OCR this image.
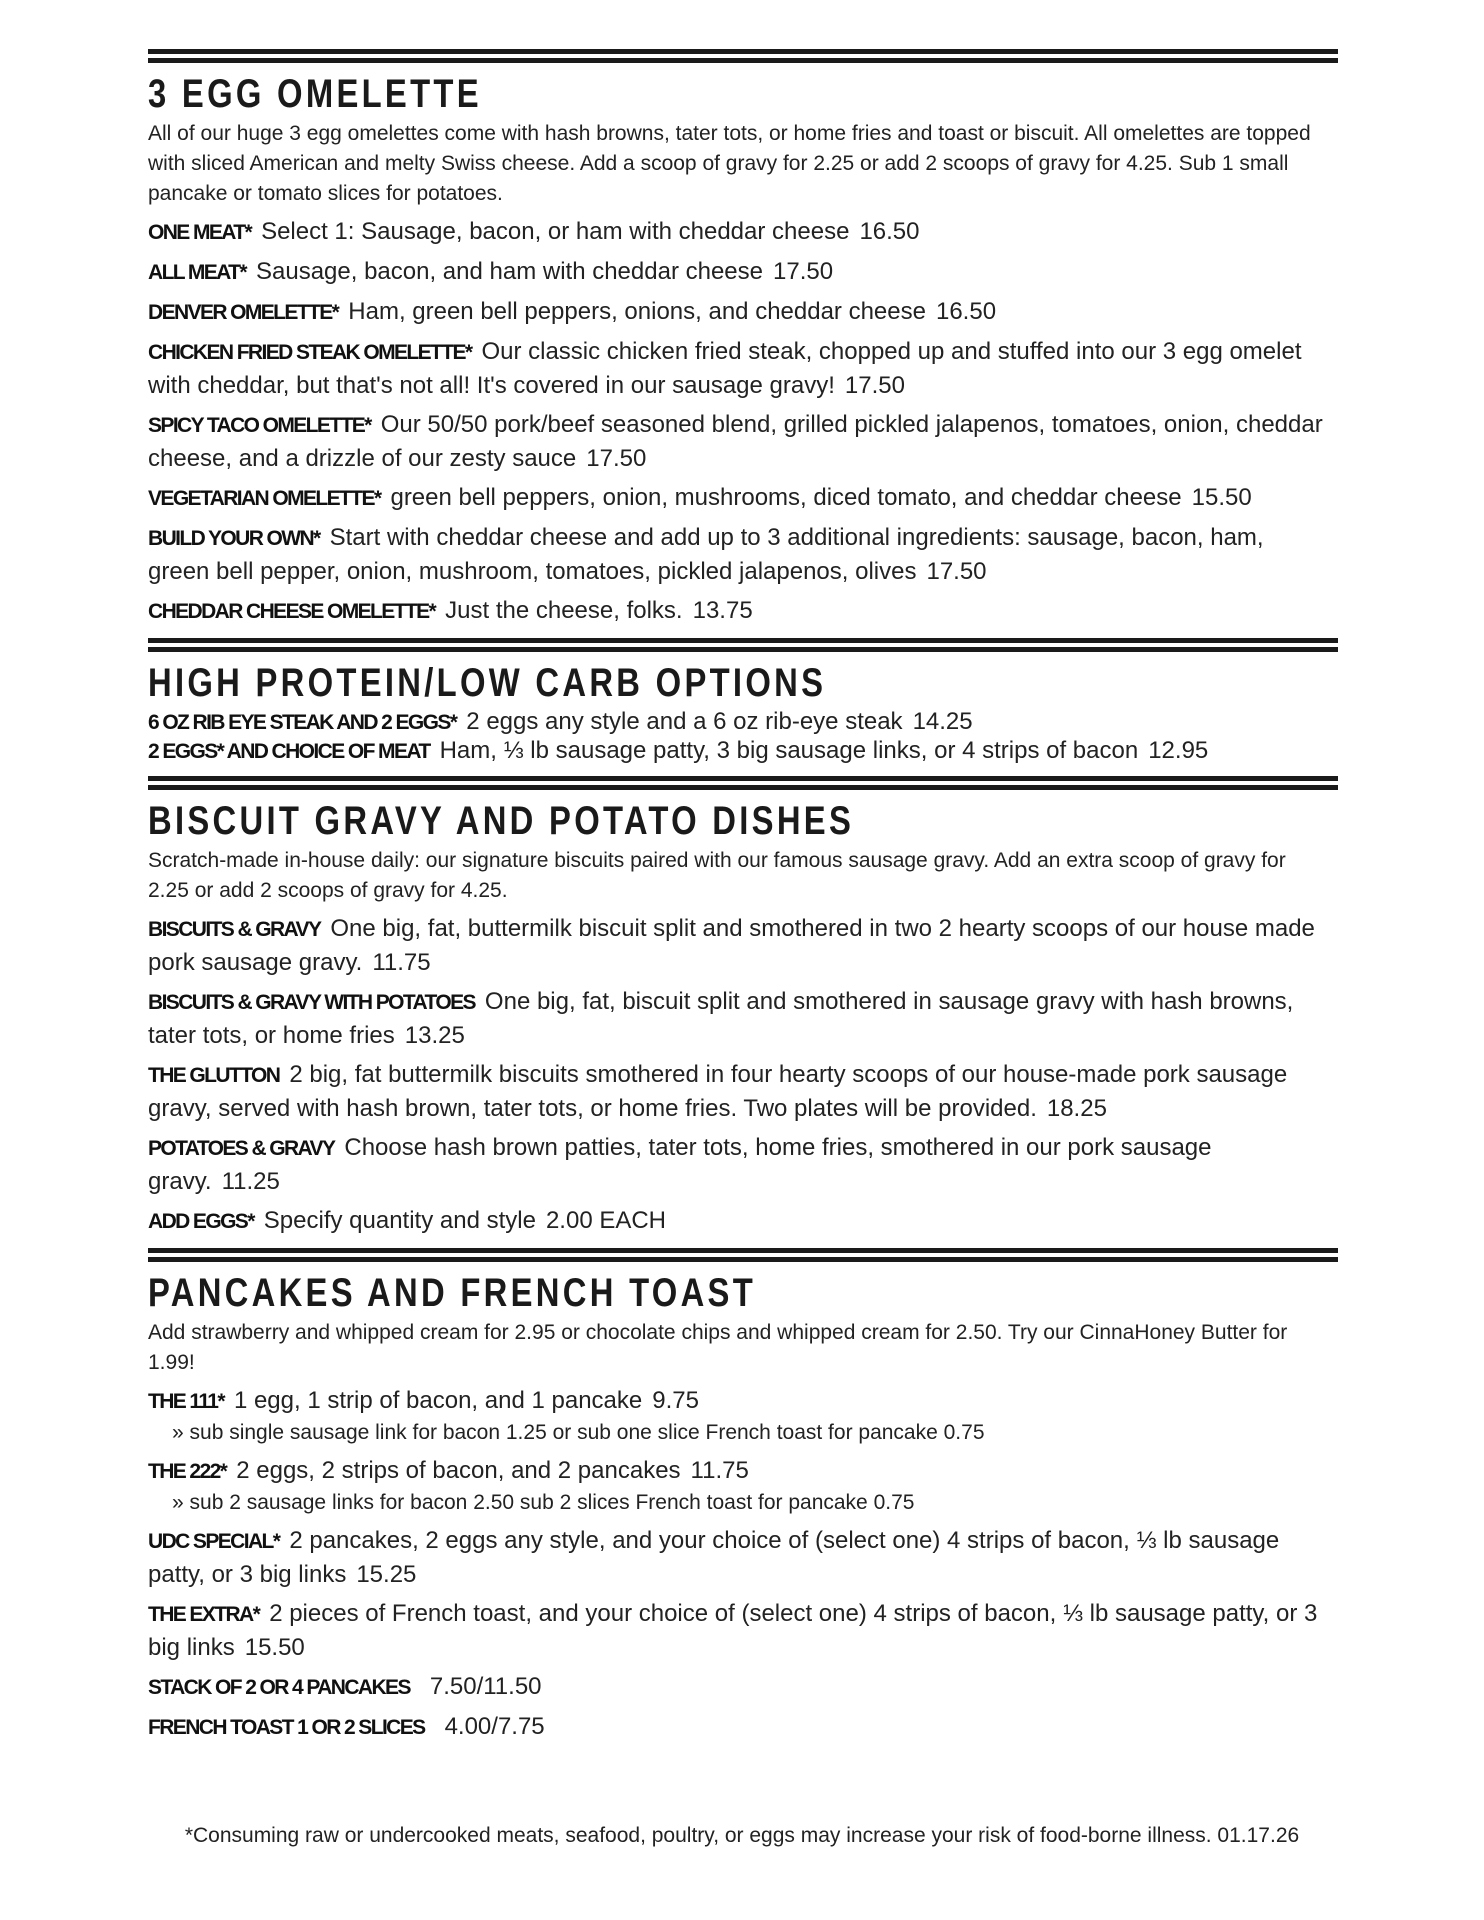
3 EGG OMELETTE
All of our huge 3 egg omelettes come with hash browns, tater tots, or home fries and toast or biscuit. All omelettes are topped with sliced American and melty Swiss cheese. Add a scoop of gravy for 2.25 or add 2 scoops of gravy for 4.25. Sub 1 small pancake or tomato slices for potatoes.
ONE MEAT* Select 1: Sausage, bacon, or ham with cheddar cheese 16.50
ALL MEAT* Sausage, bacon, and ham with cheddar cheese 17.50
DENVER OMELETTE* Ham, green bell peppers, onions, and cheddar cheese 16.50
CHICKEN FRIED STEAK OMELETTE* Our classic chicken fried steak, chopped up and stuffed into our 3 egg omelet with cheddar, but that's not all! It's covered in our sausage gravy! 17.50
SPICY TACO OMELETTE* Our 50/50 pork/beef seasoned blend, grilled pickled jalapenos, tomatoes, onion, cheddar cheese, and a drizzle of our zesty sauce 17.50
VEGETARIAN OMELETTE* green bell peppers, onion, mushrooms, diced tomato, and cheddar cheese 15.50
BUILD YOUR OWN* Start with cheddar cheese and add up to 3 additional ingredients: sausage, bacon, ham, green bell pepper, onion, mushroom, tomatoes, pickled jalapenos, olives 17.50
CHEDDAR CHEESE OMELETTE* Just the cheese, folks. 13.75
HIGH PROTEIN/LOW CARB OPTIONS
6 OZ RIB EYE STEAK AND 2 EGGS* 2 eggs any style and a 6 oz rib-eye steak 14.25
2 EGGS* AND CHOICE OF MEAT Ham, ⅓ lb sausage patty, 3 big sausage links, or 4 strips of bacon 12.95
BISCUIT GRAVY AND POTATO DISHES
Scratch-made in-house daily: our signature biscuits paired with our famous sausage gravy. Add an extra scoop of gravy for 2.25 or add 2 scoops of gravy for 4.25.
BISCUITS & GRAVY One big, fat, buttermilk biscuit split and smothered in two 2 hearty scoops of our house made pork sausage gravy. 11.75
BISCUITS & GRAVY WITH POTATOES One big, fat, biscuit split and smothered in sausage gravy with hash browns, tater tots, or home fries 13.25
THE GLUTTON 2 big, fat buttermilk biscuits smothered in four hearty scoops of our house-made pork sausage gravy, served with hash brown, tater tots, or home fries. Two plates will be provided. 18.25
POTATOES & GRAVY Choose hash brown patties, tater tots, home fries, smothered in our pork sausage gravy. 11.25
ADD EGGS* Specify quantity and style 2.00 EACH
PANCAKES AND FRENCH TOAST
Add strawberry and whipped cream for 2.95 or chocolate chips and whipped cream for 2.50. Try our CinnaHoney Butter for 1.99!
THE 111* 1 egg, 1 strip of bacon, and 1 pancake 9.75
» sub single sausage link for bacon 1.25 or sub one slice French toast for pancake 0.75
THE 222* 2 eggs, 2 strips of bacon, and 2 pancakes 11.75
» sub 2 sausage links for bacon 2.50 sub 2 slices French toast for pancake 0.75
UDC SPECIAL* 2 pancakes, 2 eggs any style, and your choice of (select one) 4 strips of bacon, ⅓ lb sausage patty, or 3 big links 15.25
THE EXTRA* 2 pieces of French toast, and your choice of (select one) 4 strips of bacon, ⅓ lb sausage patty, or 3 big links 15.50
STACK OF 2 OR 4 PANCAKES 7.50/11.50
FRENCH TOAST 1 OR 2 SLICES 4.00/7.75
*Consuming raw or undercooked meats, seafood, poultry, or eggs may increase your risk of food-borne illness. 01.17.26
